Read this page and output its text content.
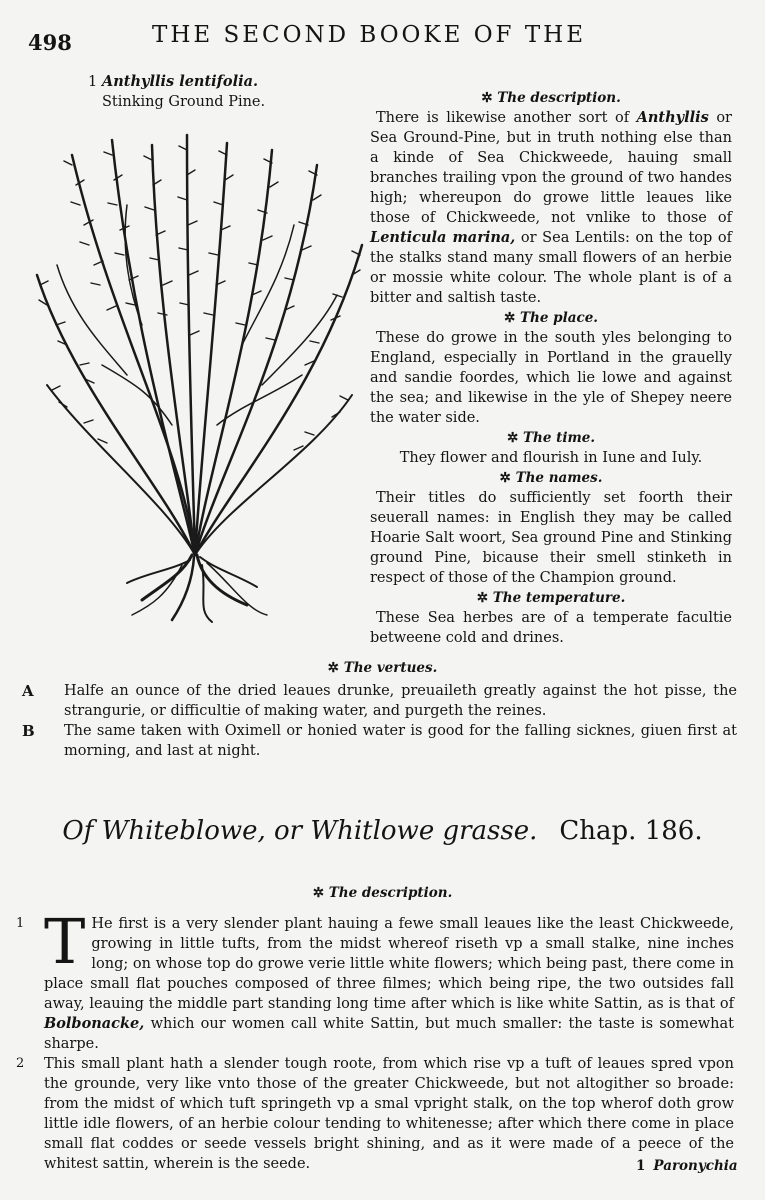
498	THE SECOND BOOKE OF THE
1 Anthyllis lentifolia.
Stinking Ground Pine.	✲ The description.
There is likewise another sort of Anthyllis or Sea Ground-Pine, but in truth nothing else than a kinde of Sea Chickweede, hauing small branches trailing vpon the ground of two handes high; whereupon do growe little leaues like those of Chickweede, not vnlike to those of Lenticula marina, or Sea Lentils: on the top of the stalks stand many small flowers of an herbie or mossie white colour. The whole plant is of a bitter and saltish taste.
✲ The place.
These do growe in the south yles belonging to England, especially in Portland in the grauelly and sandie foordes, which lie lowe and against the sea; and likewise in the yle of Shepey neere the water side.
✲ The time.
They flower and flourish in Iune and Iuly.
✲ The names.
Their titles do sufficiently set foorth their seuerall names: in English they may be called Hoarie Salt woort, Sea ground Pine and Stinking ground Pine, bicause their smell stinketh in respect of those of the Champion ground.
✲ The temperature.
These Sea herbes are of a temperate facultie betweene cold and drines.
✲ The vertues.
A Halfe an ounce of the dried leaues drunke, preuaileth greatly against the hot pisse, the strangurie, or difficultie of making water, and purgeth the reines.
B The same taken with Oximell or honied water is good for the falling sicknes, giuen first at morning, and last at night.
Of Whiteblowe, or Whitlowe grasse. Chap. 186.
✲ The description.
1 T He first is a very slender plant hauing a fewe small leaues like the least Chickweede, growing in little tufts, from the midst whereof riseth vp a small stalke, nine inches long; on whose top do growe verie little white flowers; which being past, there come in place small flat pouches composed of three filmes; which being ripe, the two outsides fall away, leauing the middle part standing long time after which is like white Sattin, as is that of Bolbonacke, which our women call white Sattin, but much smaller: the taste is somewhat sharpe.
2 This small plant hath a slender tough roote, from which rise vp a tuft of leaues spred vpon the grounde, very like vnto those of the greater Chickweede, but not altogither so broade: from the midst of which tuft springeth vp a smal vpright stalk, on the top wherof doth grow little idle flowers, of an herbie colour tending to whitenesse; after which there come in place small flat coddes or seede vessels bright shining, and as it were made of a peece of the whitest sattin, wherein is the seede.	1 Paronychia
